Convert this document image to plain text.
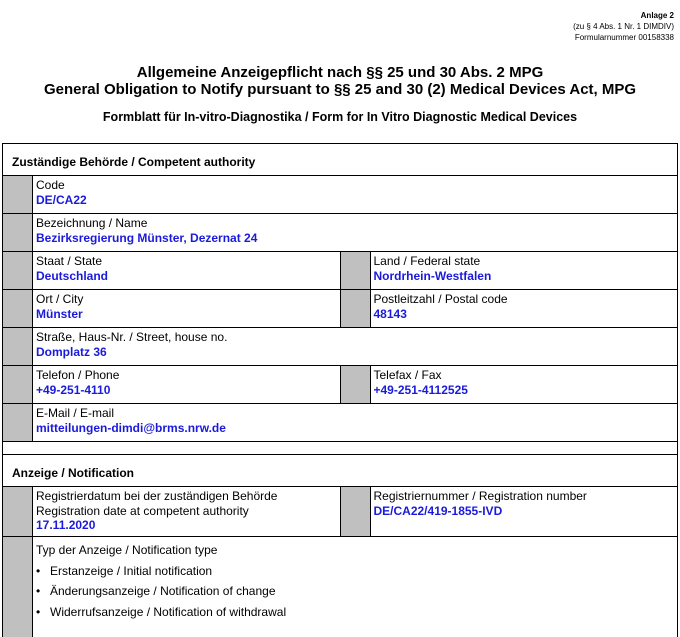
Anlage 2
(zu § 4 Abs. 1 Nr. 1 DIMDIV)
Formularnummer 00158338
Allgemeine Anzeigepflicht nach §§ 25 und 30 Abs. 2 MPG
General Obligation to Notify pursuant to §§ 25 and 30 (2) Medical Devices Act, MPG
Formblatt für In-vitro-Diagnostika / Form for In Vitro Diagnostic Medical Devices
Zuständige Behörde / Competent authority
Code
DE/CA22
Bezeichnung / Name
Bezirksregierung Münster, Dezernat 24
Staat / State
Deutschland
Land / Federal state
Nordrhein-Westfalen
Ort / City
Münster
Postleitzahl / Postal code
48143
Straße, Haus-Nr. / Street, house no.
Domplatz 36
Telefon / Phone
+49-251-4110
Telefax / Fax
+49-251-4112525
E-Mail / E-mail
mitteilungen-dimdi@brms.nrw.de
Anzeige / Notification
Registrierdatum bei der zuständigen Behörde
Registration date at competent authority
17.11.2020
Registriernummer / Registration number
DE/CA22/419-1855-IVD
Typ der Anzeige / Notification type
• Erstanzeige / Initial notification
• Änderungsanzeige / Notification of change
• Widerrufsanzeige / Notification of withdrawal
